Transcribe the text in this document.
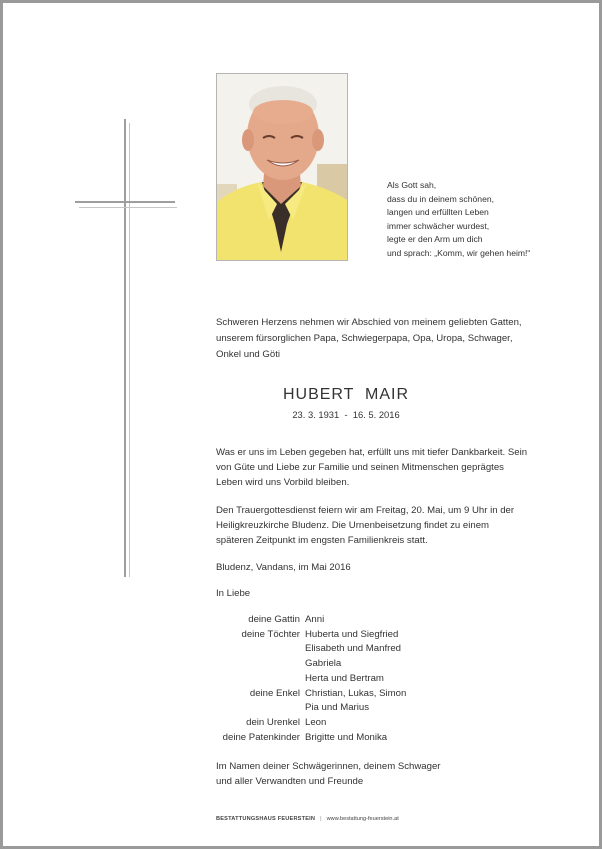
Als Gott sah,
dass du in deinem schönen,
langen und erfüllten Leben
immer schwächer wurdest,
legte er den Arm um dich
und sprach: „Komm, wir gehen heim!“
Schweren Herzens nehmen wir Abschied von meinem geliebten Gatten,
unserem fürsorglichen Papa, Schwiegerpapa, Opa, Uropa, Schwager,
Onkel und Göti
HUBERT  MAIR
23. 3. 1931  -  16. 5. 2016
Was er uns im Leben gegeben hat, erfüllt uns mit tiefer Dankbarkeit. Sein
von Güte und Liebe zur Familie und seinen Mitmenschen geprägtes
Leben wird uns Vorbild bleiben.
Den Trauergottesdienst feiern wir am Freitag, 20. Mai, um 9 Uhr in der
Heiligkreuzkirche Bludenz. Die Urnenbeisetzung findet zu einem
späteren Zeitpunkt im engsten Familienkreis statt.
Bludenz, Vandans, im Mai 2016
In Liebe
deine Gattin Anni
deine Töchter Huberta und Siegfried
Elisabeth und Manfred
Gabriela
Herta und Bertram
deine Enkel Christian, Lukas, Simon
Pia und Marius
dein Urenkel Leon
deine Patenkinder Brigitte und Monika
Im Namen deiner Schwägerinnen, deinem Schwager
und aller Verwandten und Freunde
BESTATTUNGSHAUS FEUERSTEIN | www.bestattung-feuerstein.at
